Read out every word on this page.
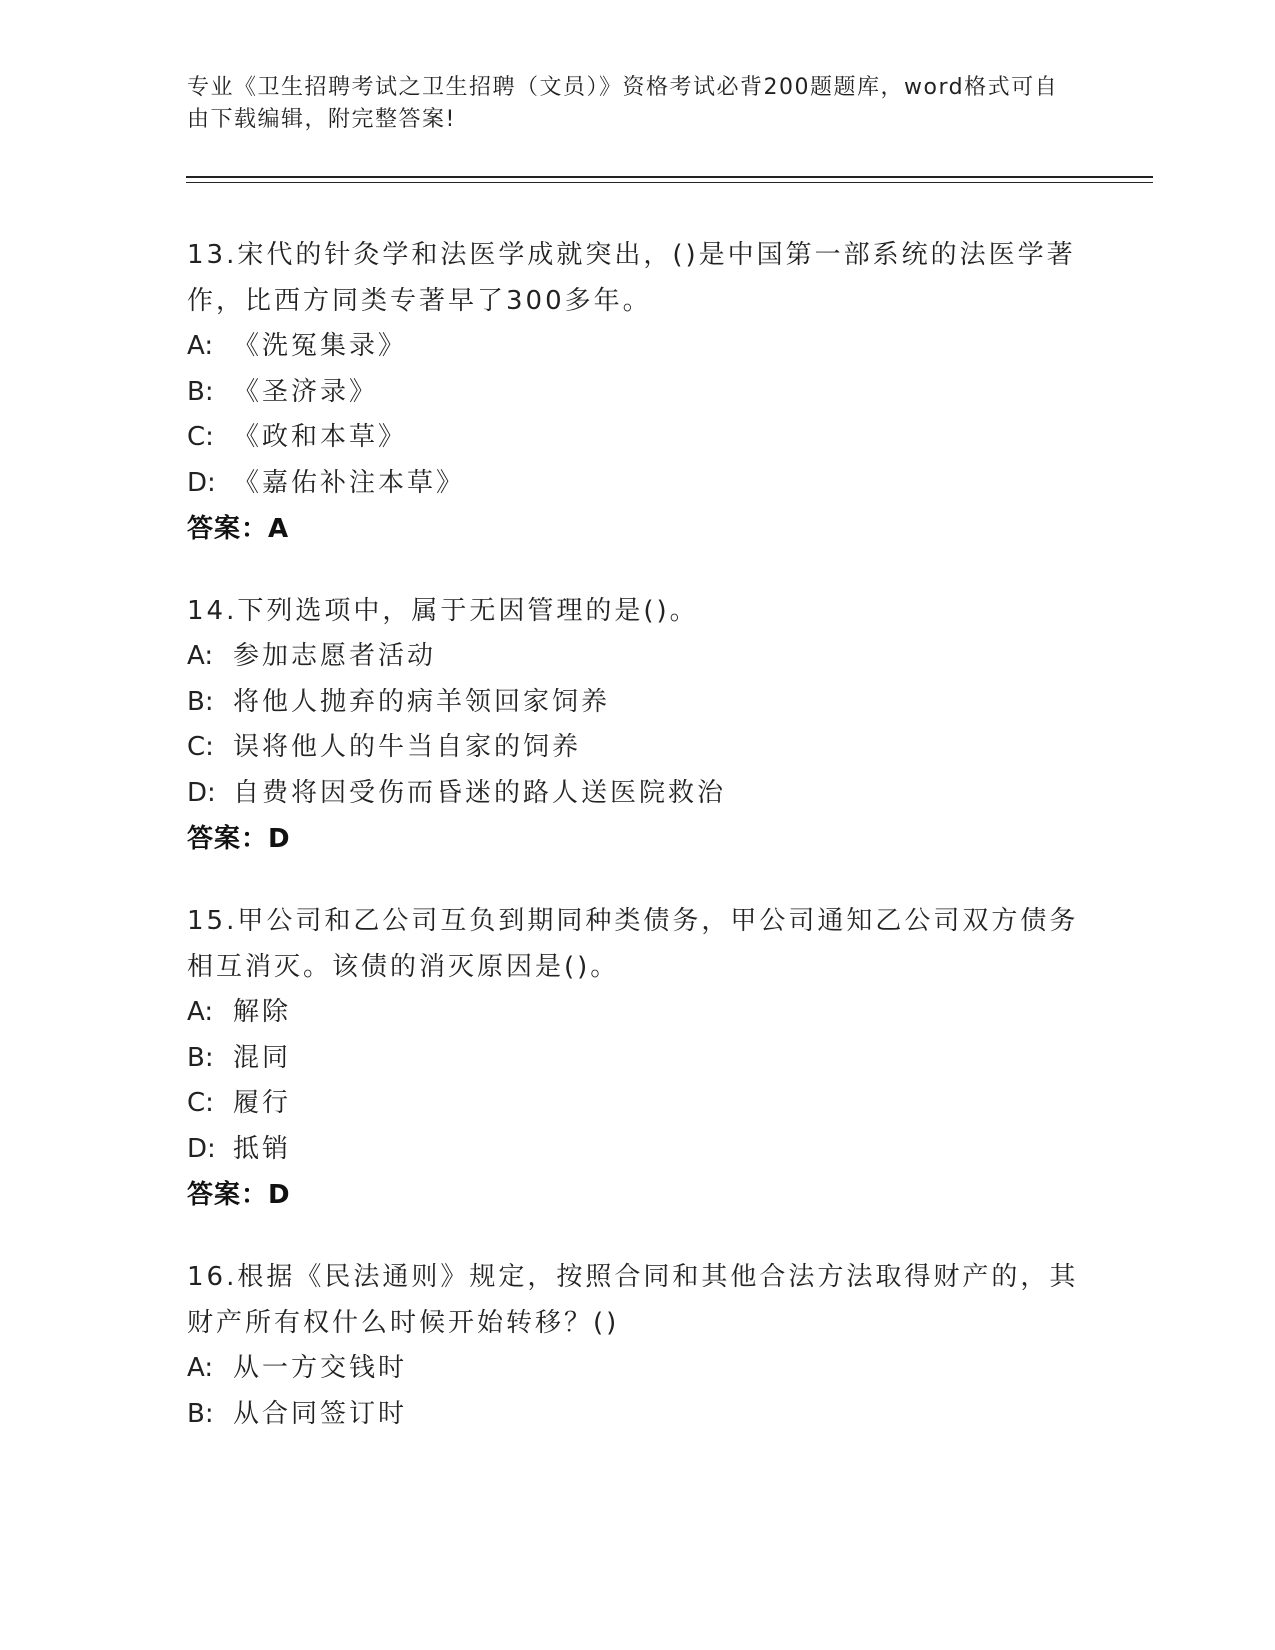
专业《卫生招聘考试之卫生招聘（文员）》资格考试必背200题题库，word格式可自由下载编辑，附完整答案!
13.宋代的针灸学和法医学成就突出，()是中国第一部系统的法医学著作，比西方同类专著早了300多年。
A: 《洗冤集录》
B: 《圣济录》
C: 《政和本草》
D: 《嘉佑补注本草》
答案：A
14.下列选项中，属于无因管理的是()。
A: 参加志愿者活动
B: 将他人抛弃的病羊领回家饲养
C: 误将他人的牛当自家的饲养
D: 自费将因受伤而昏迷的路人送医院救治
答案：D
15.甲公司和乙公司互负到期同种类债务，甲公司通知乙公司双方债务相互消灭。该债的消灭原因是()。
A: 解除
B: 混同
C: 履行
D: 抵销
答案：D
16.根据《民法通则》规定，按照合同和其他合法方法取得财产的，其财产所有权什么时候开始转移？()
A: 从一方交钱时
B: 从合同签订时
